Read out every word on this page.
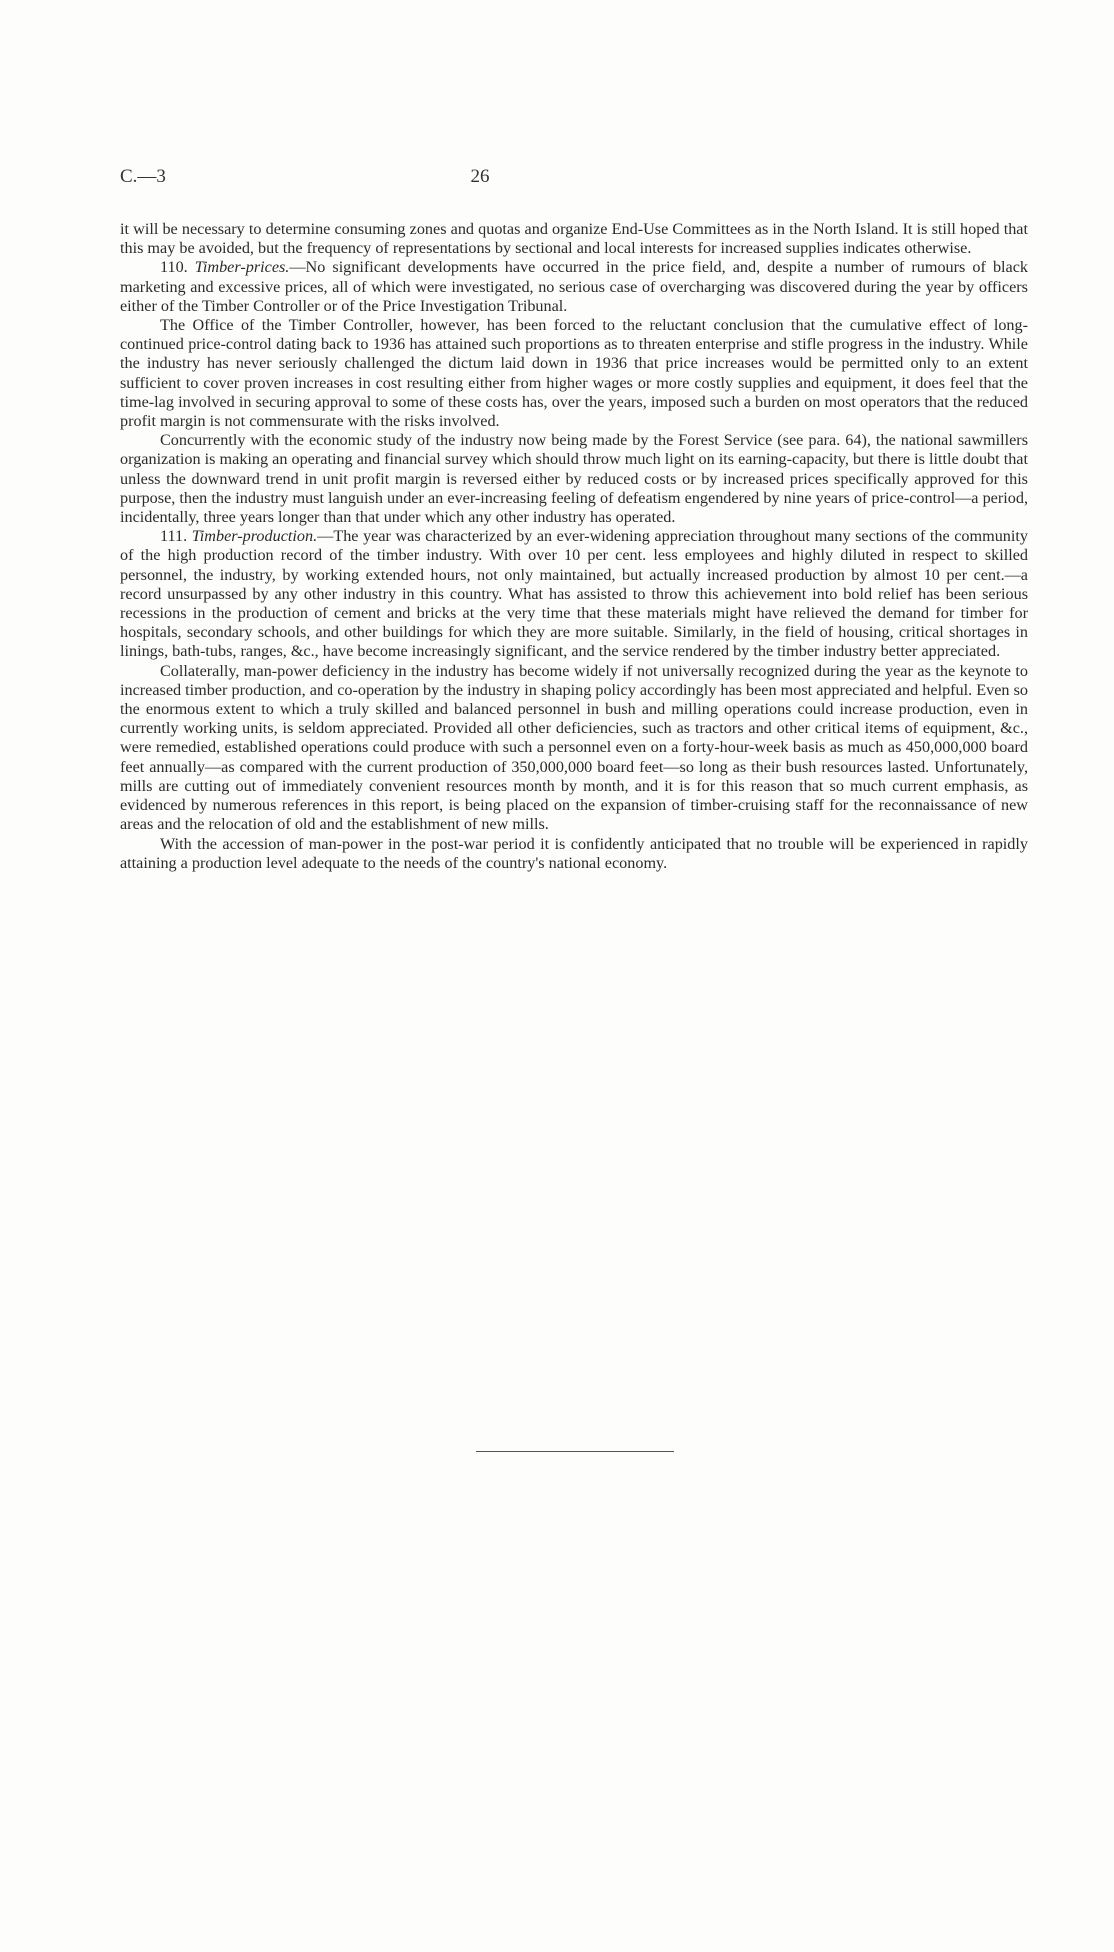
C.—3	26

it will be necessary to determine consuming zones and quotas and organize End-Use Committees as in the North Island. It is still hoped that this may be avoided, but the frequency of representations by sectional and local interests for increased supplies indicates otherwise.

110. Timber-prices.—No significant developments have occurred in the price field, and, despite a number of rumours of black marketing and excessive prices, all of which were investigated, no serious case of overcharging was discovered during the year by officers either of the Timber Controller or of the Price Investigation Tribunal.

The Office of the Timber Controller, however, has been forced to the reluctant conclusion that the cumulative effect of long-continued price-control dating back to 1936 has attained such proportions as to threaten enterprise and stifle progress in the industry. While the industry has never seriously challenged the dictum laid down in 1936 that price increases would be permitted only to an extent sufficient to cover proven increases in cost resulting either from higher wages or more costly supplies and equipment, it does feel that the time-lag involved in securing approval to some of these costs has, over the years, imposed such a burden on most operators that the reduced profit margin is not commensurate with the risks involved.

Concurrently with the economic study of the industry now being made by the Forest Service (see para. 64), the national sawmillers organization is making an operating and financial survey which should throw much light on its earning-capacity, but there is little doubt that unless the downward trend in unit profit margin is reversed either by reduced costs or by increased prices specifically approved for this purpose, then the industry must languish under an ever-increasing feeling of defeatism engendered by nine years of price-control—a period, incidentally, three years longer than that under which any other industry has operated.

111. Timber-production.—The year was characterized by an ever-widening appreciation throughout many sections of the community of the high production record of the timber industry. With over 10 per cent. less employees and highly diluted in respect to skilled personnel, the industry, by working extended hours, not only maintained, but actually increased production by almost 10 per cent.—a record unsurpassed by any other industry in this country. What has assisted to throw this achievement into bold relief has been serious recessions in the production of cement and bricks at the very time that these materials might have relieved the demand for timber for hospitals, secondary schools, and other buildings for which they are more suitable. Similarly, in the field of housing, critical shortages in linings, bath-tubs, ranges, &c., have become increasingly significant, and the service rendered by the timber industry better appreciated.

Collaterally, man-power deficiency in the industry has become widely if not universally recognized during the year as the keynote to increased timber production, and co-operation by the industry in shaping policy accordingly has been most appreciated and helpful. Even so the enormous extent to which a truly skilled and balanced personnel in bush and milling operations could increase production, even in currently working units, is seldom appreciated. Provided all other deficiencies, such as tractors and other critical items of equipment, &c., were remedied, established operations could produce with such a personnel even on a forty-hour-week basis as much as 450,000,000 board feet annually—as compared with the current production of 350,000,000 board feet—so long as their bush resources lasted. Unfortunately, mills are cutting out of immediately convenient resources month by month, and it is for this reason that so much current emphasis, as evidenced by numerous references in this report, is being placed on the expansion of timber-cruising staff for the reconnaissance of new areas and the relocation of old and the establishment of new mills.

With the accession of man-power in the post-war period it is confidently anticipated that no trouble will be experienced in rapidly attaining a production level adequate to the needs of the country's national economy.
